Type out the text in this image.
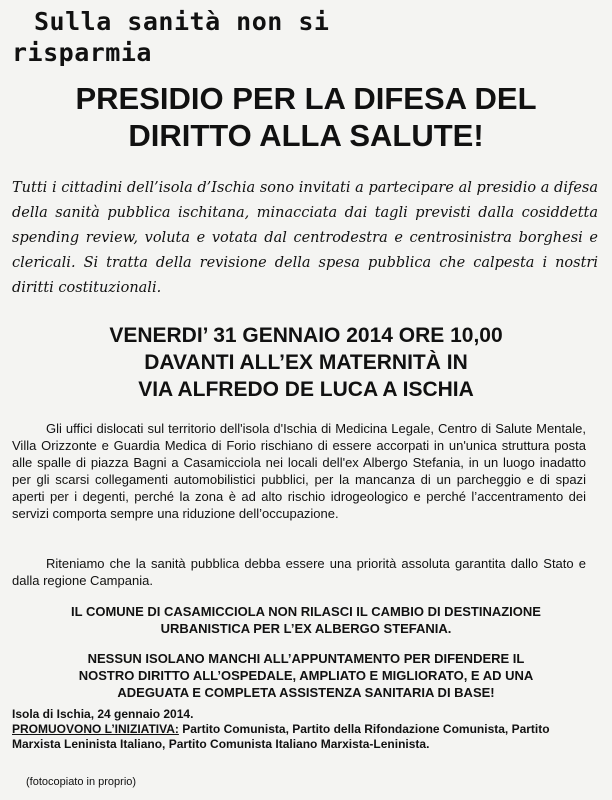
Sulla sanità non si
risparmia
PRESIDIO PER LA DIFESA DEL
DIRITTO ALLA SALUTE!

Tutti i cittadini dell’isola d’Ischia sono invitati a partecipare al presidio a difesa della sanità pubblica ischitana, minacciata dai tagli previsti dalla cosiddetta spending review, voluta e votata dal centrodestra e centrosinistra borghesi e clericali. Si tratta della revisione della spesa pubblica che calpesta i nostri diritti costituzionali.

VENERDI’ 31 GENNAIO 2014 ORE 10,00
DAVANTI ALL’EX MATERNITÀ IN
VIA ALFREDO DE LUCA A ISCHIA

Gli uffici dislocati sul territorio dell'isola d'Ischia di Medicina Legale, Centro di Salute Mentale, Villa Orizzonte e Guardia Medica di Forio rischiano di essere accorpati in un'unica struttura posta alle spalle di piazza Bagni a Casamicciola nei locali dell'ex Albergo Stefania, in un luogo inadatto per gli scarsi collegamenti automobilistici pubblici, per la mancanza di un parcheggio e di spazi aperti per i degenti, perché la zona è ad alto rischio idrogeologico e perché l’accentramento dei servizi comporta sempre una riduzione dell’occupazione.

Riteniamo che la sanità pubblica debba essere una priorità assoluta garantita dallo Stato e dalla regione Campania.

IL COMUNE DI CASAMICCIOLA NON RILASCI IL CAMBIO DI DESTINAZIONE
URBANISTICA PER L’EX ALBERGO STEFANIA.
NESSUN ISOLANO MANCHI ALL’APPUNTAMENTO PER DIFENDERE IL
NOSTRO DIRITTO ALL’OSPEDALE, AMPLIATO E MIGLIORATO, E AD UNA
ADEGUATA E COMPLETA ASSISTENZA SANITARIA DI BASE!
Isola di Ischia, 24 gennaio 2014.
PROMUOVONO L’INIZIATIVA: Partito Comunista, Partito della Rifondazione Comunista, Partito
Marxista Leninista Italiano, Partito Comunista Italiano Marxista-Leninista.

(fotocopiato in proprio)
